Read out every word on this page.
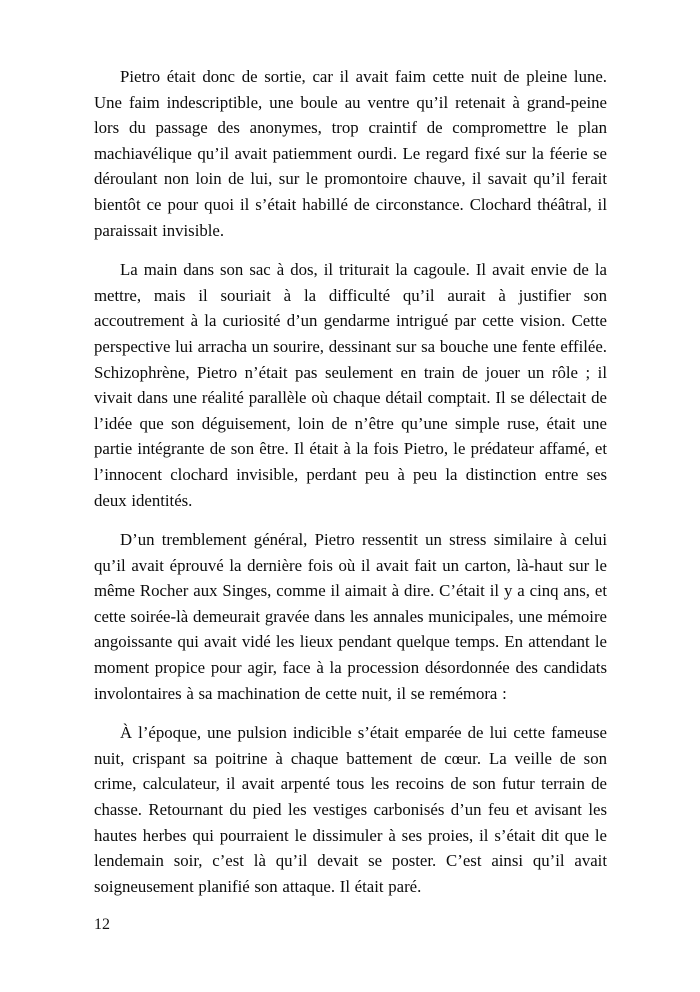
Pietro était donc de sortie, car il avait faim cette nuit de pleine lune. Une faim indescriptible, une boule au ventre qu’il retenait à grand-peine lors du passage des anonymes, trop craintif de compromettre le plan machiavélique qu’il avait patiemment ourdi. Le regard fixé sur la féerie se déroulant non loin de lui, sur le promontoire chauve, il savait qu’il ferait bientôt ce pour quoi il s’était habillé de circonstance. Clochard théâtral, il paraissait invisible.

La main dans son sac à dos, il triturait la cagoule. Il avait envie de la mettre, mais il souriait à la difficulté qu’il aurait à justifier son accoutrement à la curiosité d’un gendarme intrigué par cette vision. Cette perspective lui arracha un sourire, dessinant sur sa bouche une fente effilée. Schizophrène, Pietro n’était pas seulement en train de jouer un rôle ; il vivait dans une réalité parallèle où chaque détail comptait. Il se délectait de l’idée que son déguisement, loin de n’être qu’une simple ruse, était une partie intégrante de son être. Il était à la fois Pietro, le prédateur affamé, et l’innocent clochard invisible, perdant peu à peu la distinction entre ses deux identités.

D’un tremblement général, Pietro ressentit un stress similaire à celui qu’il avait éprouvé la dernière fois où il avait fait un carton, là-haut sur le même Rocher aux Singes, comme il aimait à dire. C’était il y a cinq ans, et cette soirée-là demeurait gravée dans les annales municipales, une mémoire angoissante qui avait vidé les lieux pendant quelque temps. En attendant le moment propice pour agir, face à la procession désordonnée des candidats involontaires à sa machination de cette nuit, il se remémora :

À l’époque, une pulsion indicible s’était emparée de lui cette fameuse nuit, crispant sa poitrine à chaque battement de cœur. La veille de son crime, calculateur, il avait arpenté tous les recoins de son futur terrain de chasse. Retournant du pied les vestiges carbonisés d’un feu et avisant les hautes herbes qui pourraient le dissimuler à ses proies, il s’était dit que le lendemain soir, c’est là qu’il devait se poster. C’est ainsi qu’il avait soigneusement planifié son attaque. Il était paré.

12
